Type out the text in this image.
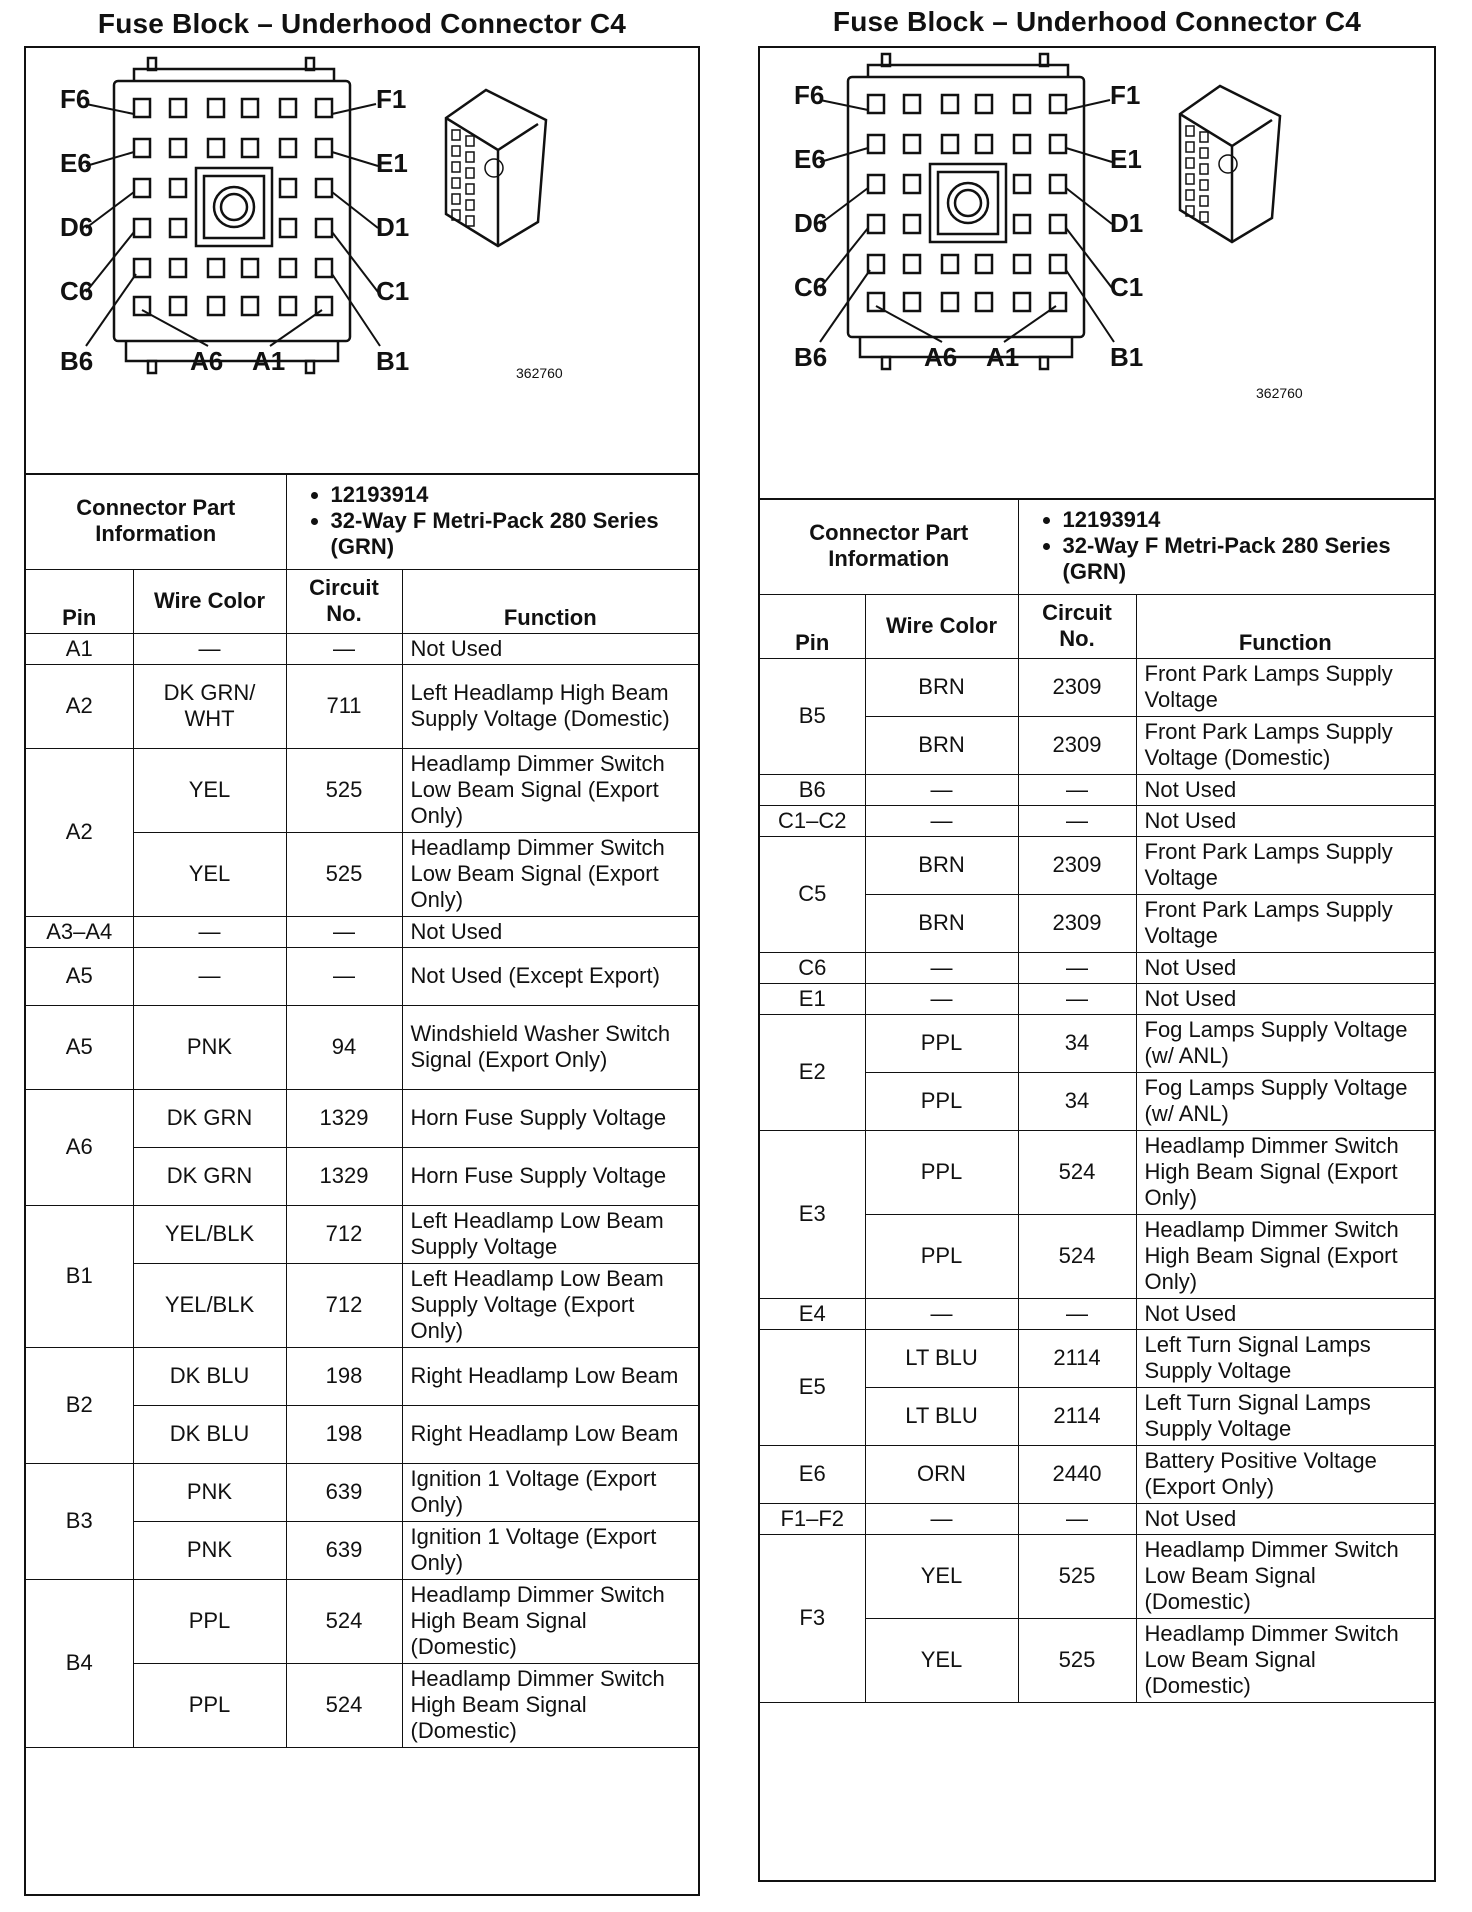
Fuse Block – Underhood Connector C4
F6
E6
D6
C6
B6	A6 A1
F1
E1
D1
C1
B1	362760
Connector Part Information	
• 12193914
• 32-Way F Metri-Pack 280 Series (GRN)
Pin	Wire Color	Circuit No.	Function
A1	—	—	Not Used
A2	DK GRN/ WHT	711	Left Headlamp High Beam Supply Voltage (Domestic)
A2	YEL	525	Headlamp Dimmer Switch Low Beam Signal (Export Only)
	YEL	525	Headlamp Dimmer Switch Low Beam Signal (Export Only)
A3–A4	—	—	Not Used
A5	—	—	Not Used (Except Export)
A5	PNK	94	Windshield Washer Switch Signal (Export Only)
A6	DK GRN	1329	Horn Fuse Supply Voltage
	DK GRN	1329	Horn Fuse Supply Voltage
B1	YEL/BLK	712	Left Headlamp Low Beam Supply Voltage
	YEL/BLK	712	Left Headlamp Low Beam Supply Voltage (Export Only)
B2	DK BLU	198	Right Headlamp Low Beam
	DK BLU	198	Right Headlamp Low Beam
B3	PNK	639	Ignition 1 Voltage (Export Only)
	PNK	639	Ignition 1 Voltage (Export Only)
B4	PPL	524	Headlamp Dimmer Switch High Beam Signal (Domestic)
	PPL	524	Headlamp Dimmer Switch High Beam Signal (Domestic)
Fuse Block – Underhood Connector C4
F6
E6
D6
C6
B6	A6 A1
F1
E1
D1
C1
B1
362760
Connector Part Information	
• 12193914
• 32-Way F Metri-Pack 280 Series (GRN)
Pin	Wire Color	Circuit No.	Function
B5	BRN	2309	Front Park Lamps Supply Voltage
	BRN	2309	Front Park Lamps Supply Voltage (Domestic)
B6	—	—	Not Used
C1–C2	—	—	Not Used
C5	BRN	2309	Front Park Lamps Supply Voltage
	BRN	2309	Front Park Lamps Supply Voltage
C6	—	—	Not Used
E1	—	—	Not Used
E2	PPL	34	Fog Lamps Supply Voltage (w/ ANL)
	PPL	34	Fog Lamps Supply Voltage (w/ ANL)
E3	PPL	524	Headlamp Dimmer Switch High Beam Signal (Export Only)
	PPL	524	Headlamp Dimmer Switch High Beam Signal (Export Only)
E4	—	—	Not Used
E5	LT BLU	2114	Left Turn Signal Lamps Supply Voltage
	LT BLU	2114	Left Turn Signal Lamps Supply Voltage
E6	ORN	2440	Battery Positive Voltage (Export Only)
F1–F2	—	—	Not Used
F3	YEL	525	Headlamp Dimmer Switch Low Beam Signal (Domestic)
	YEL	525	Headlamp Dimmer Switch Low Beam Signal (Domestic)
